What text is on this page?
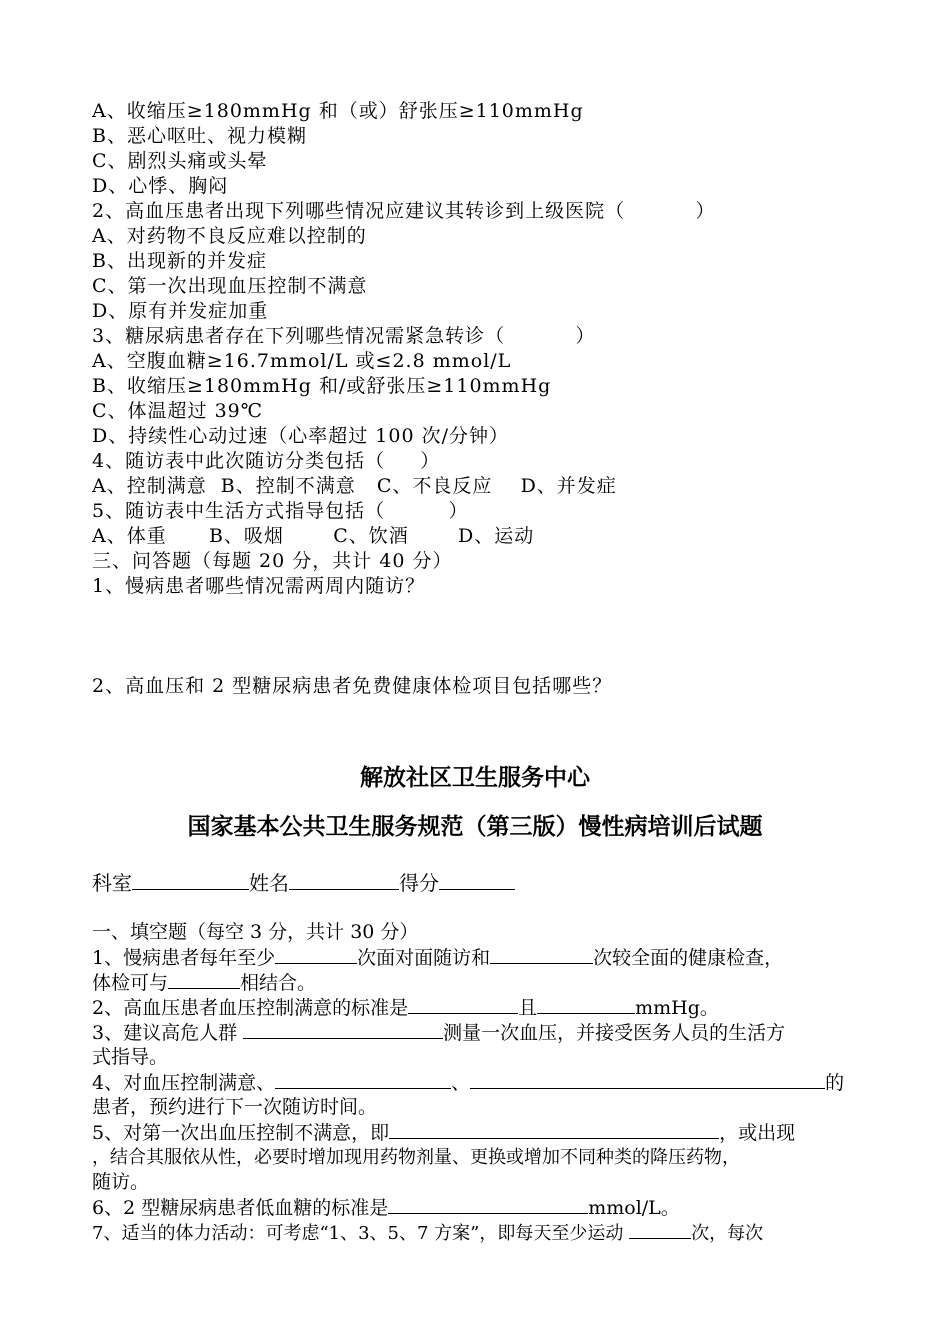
A、收缩压≥180mmHg 和（或）舒张压≥110mmHg
B、恶心呕吐、视力模糊
C、剧烈头痛或头晕
D、心悸、胸闷
2、高血压患者出现下列哪些情况应建议其转诊到上级医院（          ）
A、对药物不良反应难以控制的
B、出现新的并发症
C、第一次出现血压控制不满意
D、原有并发症加重
3、糖尿病患者存在下列哪些情况需紧急转诊（          ）
A、空腹血糖≥16.7mmol/L 或≤2.8 mmol/L
B、收缩压≥180mmHg 和/或舒张压≥110mmHg
C、体温超过 39℃
D、持续性心动过速（心率超过 100 次/分钟）
4、随访表中此次随访分类包括（     ）
A、控制满意  B、控制不满意   C、不良反应    D、并发症
5、随访表中生活方式指导包括（         ）
A、体重      B、吸烟       C、饮酒       D、运动
三、问答题（每题 20 分，共计 40 分）
1、慢病患者哪些情况需两周内随访？
2、高血压和 2 型糖尿病患者免费健康体检项目包括哪些？
解放社区卫生服务中心
国家基本公共卫生服务规范（第三版）慢性病培训后试题
科室	姓名	得分
一、填空题（每空 3 分，共计 30 分）
1、慢病患者每年至少	次面对面随访和	次较全面的健康检查，
体检可与	相结合。
2、高血压患者血压控制满意的标准是	且	mmHg。
3、建议高危人群	测量一次血压，并接受医务人员的生活方
式指导。
4、对血压控制满意、	、	的
患者，预约进行下一次随访时间。
5、对第一次出血压控制不满意，即	，或出现
，结合其服依从性，必要时增加现用药物剂量、更换或增加不同种类的降压药物，
随访。
6、2 型糖尿病患者低血糖的标准是	mmol/L。
7、适当的体力活动：可考虑“1、3、5、7 方案”，即每天至少运动	次，每次
